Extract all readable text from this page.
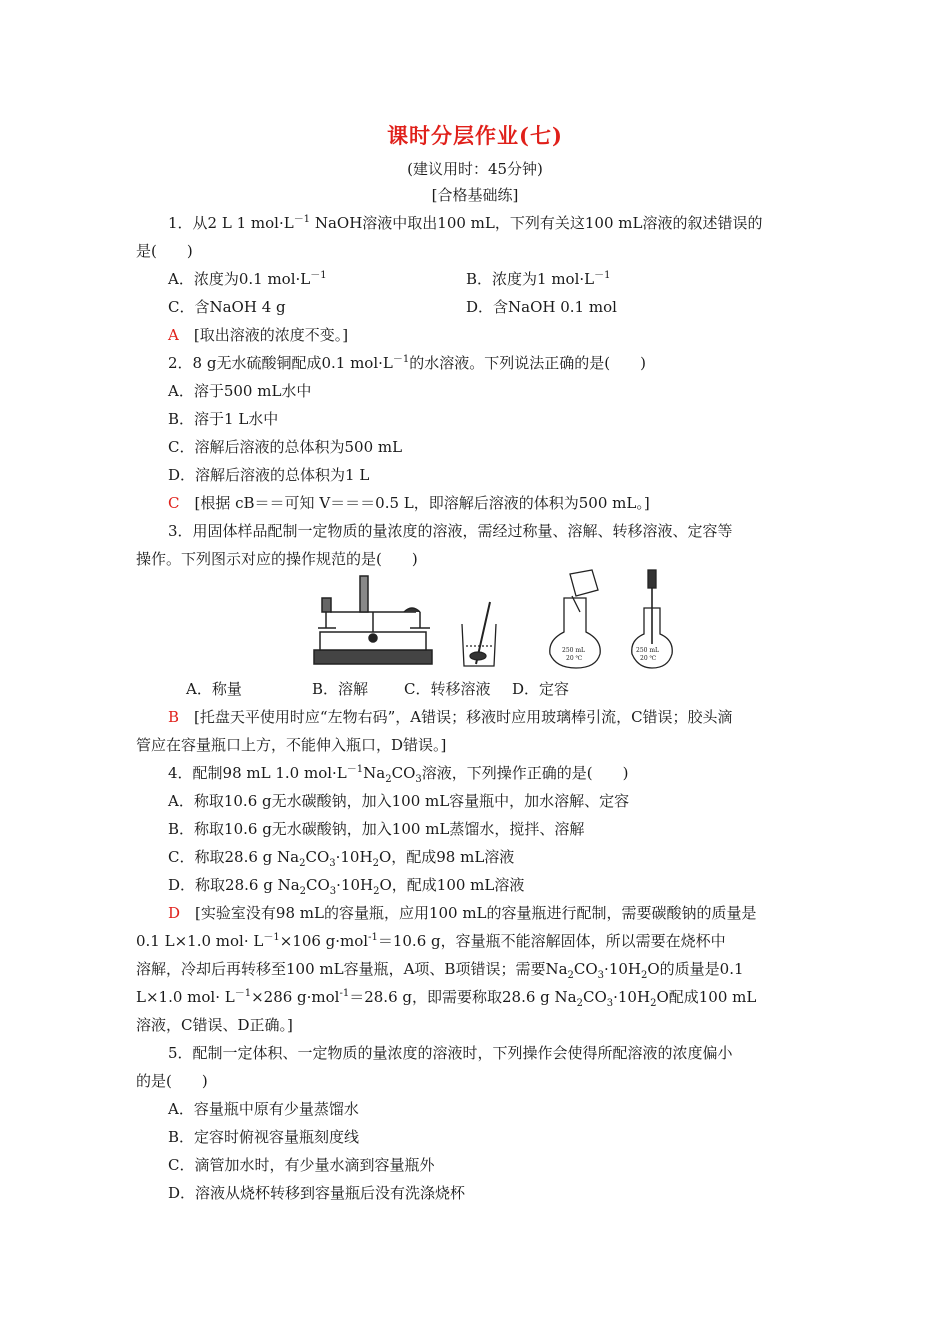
课时分层作业(七)
(建议用时：45分钟)
[合格基础练]
1．从2 L 1 $mol\cdot L^{-1}$ NaOH溶液中取出100 mL，下列有关这100 mL溶液的叙述错误的
是(　　)
A．浓度为0.1 $mol\cdot L^{-1}$	B．浓度为1 $mol\cdot L^{-1}$
C．含NaOH 4 g	D．含NaOH 0.1 mol
A　 [取出溶液的浓度不变。]
2．8 g无水硫酸铜配成0.1 $mol\cdot L^{-1}$的水溶液。下列说法正确的是(　　)
A．溶于500 mL水中
B．溶于1 L水中
C．溶解后溶液的总体积为500 mL
D．溶解后溶液的总体积为1 L
C　 [根据 cB＝＝可知 V＝＝＝0.5 L，即溶解后溶液的体积为500 mL。]
3．用固体样品配制一定物质的量浓度的溶液，需经过称量、溶解、转移溶液、定容等
操作。下列图示对应的操作规范的是(　　)
250 mL
20 ℃
250 mL
20 ℃
A．称量	B．溶解 C．转移溶液 D．定容
B　 [托盘天平使用时应“左物右码”，A错误；移液时应用玻璃棒引流，C错误；胶头滴
管应在容量瓶口上方，不能伸入瓶口，D错误。]
4．配制98 mL 1.0 $mol\cdot L^{-1}Na_2CO_3$溶液，下列操作正确的是(　　)
A．称取10.6 g无水碳酸钠，加入100 mL容量瓶中，加水溶解、定容
B．称取10.6 g无水碳酸钠，加入100 mL蒸馏水，搅拌、溶解
C．称取28.6 g $Na_2CO_3\cdot 10H_2O$，配成98 mL溶液
D．称取28.6 g $Na_2CO_3\cdot 10H_2O$，配成100 mL溶液
D　 [实验室没有98 mL的容量瓶，应用100 mL的容量瓶进行配制，需要碳酸钠的质量是
0.1 L×1.0 $mol\cdot L^{-1}\times 106$ g·mol$^{-1}$＝10.6 g，容量瓶不能溶解固体，所以需要在烧杯中
溶解，冷却后再转移至100 mL容量瓶，A项、B项错误；需要$Na_2CO_3\cdot 10H_2O$的质量是0.1
L×1.0 $mol\cdot L^{-1}\times 286$ g·mol$^{-1}$＝28.6 g，即需要称取28.6 g $Na_2CO_3\cdot 10H_2O$配成100 mL
溶液，C错误、D正确。]
5．配制一定体积、一定物质的量浓度的溶液时，下列操作会使得所配溶液的浓度偏小
的是(　　)
A．容量瓶中原有少量蒸馏水
B．定容时俯视容量瓶刻度线
C．滴管加水时，有少量水滴到容量瓶外
D．溶液从烧杯转移到容量瓶后没有洗涤烧杯
